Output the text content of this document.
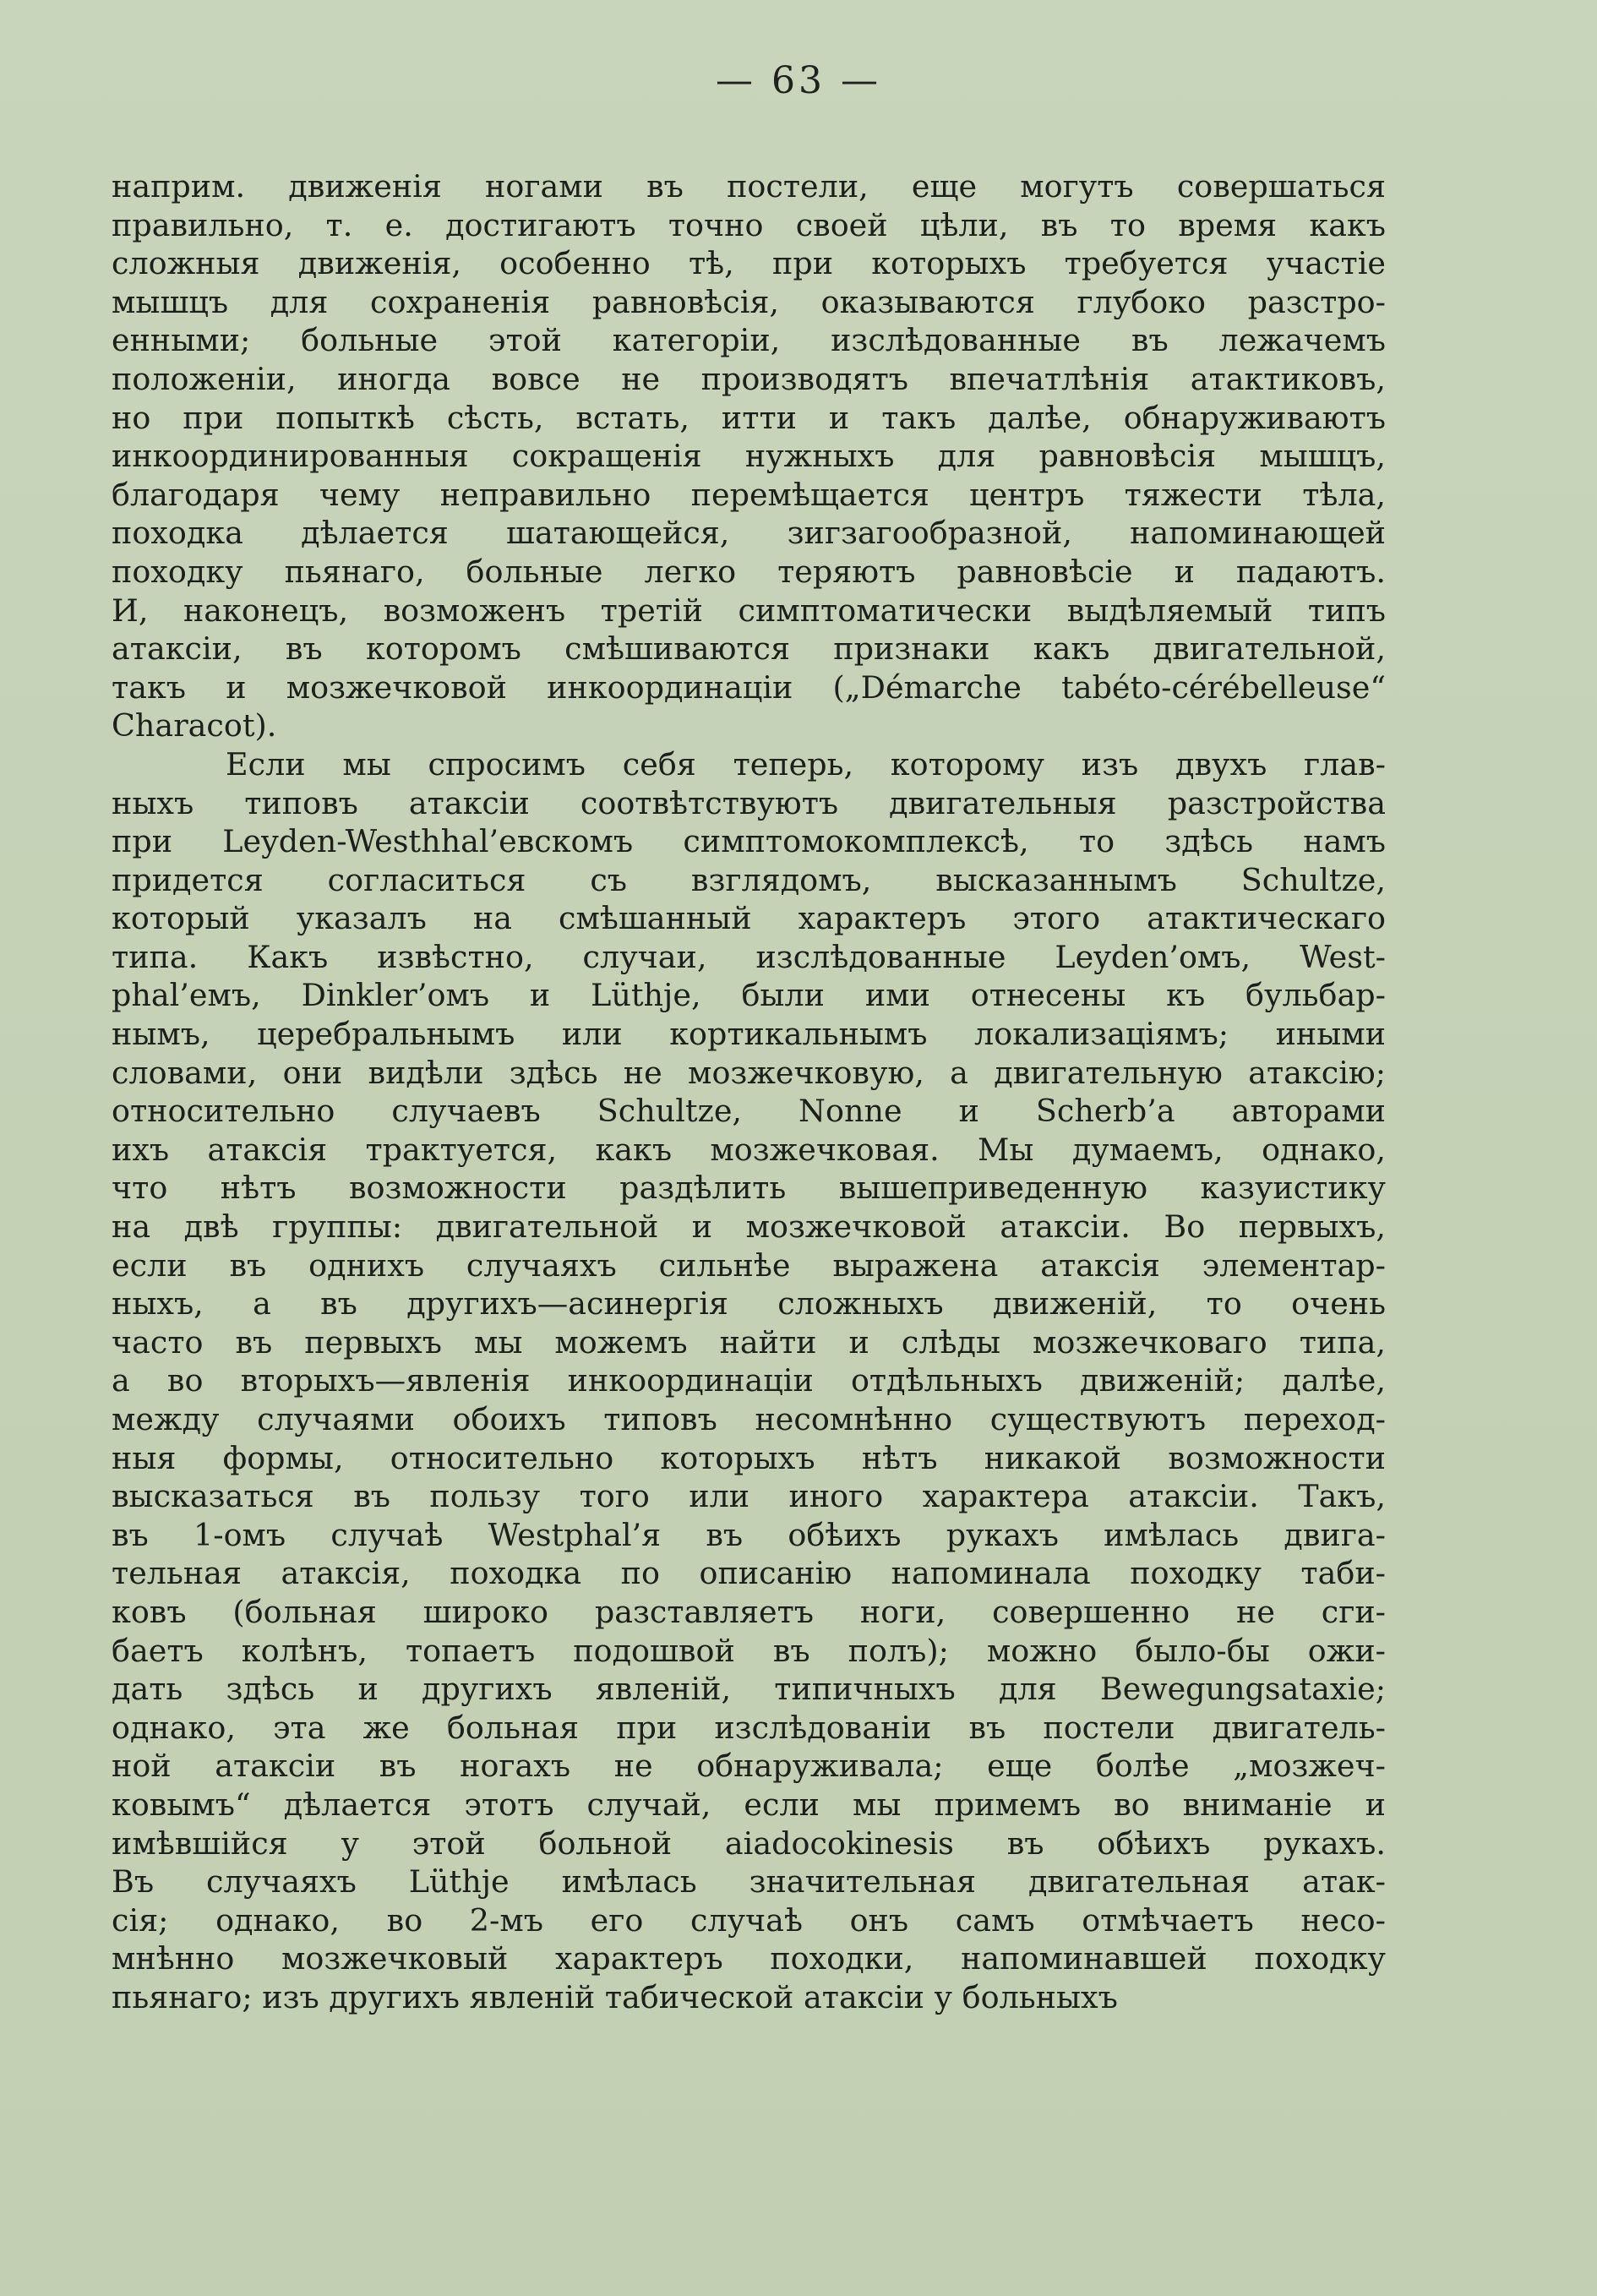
— 63 —

наприм. движенія ногами въ постели, еще могутъ совершаться
правильно, т. е. достигаютъ точно своей цѣли, въ то время какъ
сложныя движенія, особенно тѣ, при которыхъ требуется участіе
мышцъ для сохраненія равновѣсія, оказываются глубоко разстро-
енными; больные этой категоріи, изслѣдованные въ лежачемъ
положеніи, иногда вовсе не производятъ впечатлѣнія атактиковъ,
но при попыткѣ сѣсть, встать, итти и такъ далѣе, обнаруживаютъ
инкоординированныя сокращенія нужныхъ для равновѣсія мышцъ,
благодаря чему неправильно перемѣщается центръ тяжести тѣла,
походка дѣлается шатающейся, зигзагообразной, напоминающей
походку пьянаго, больные легко теряютъ равновѣсіе и падаютъ.
И, наконецъ, возможенъ третій симптоматически выдѣляемый типъ
атаксіи, въ которомъ смѣшиваются признаки какъ двигательной,
такъ и мозжечковой инкоординаціи („Démarche tabéto-cérébelleuse“
Characot).
Если мы спросимъ себя теперь, которому изъ двухъ глав-
ныхъ типовъ атаксіи соотвѣтствуютъ двигательныя разстройства
при Leyden-Westhhal’евскомъ симптомокомплексѣ, то здѣсь намъ
придется согласиться съ взглядомъ, высказаннымъ Schultze,
который указалъ на смѣшанный характеръ этого атактическаго
типа. Какъ извѣстно, случаи, изслѣдованные Leyden’омъ, West-
phal’емъ, Dinkler’омъ и Lüthje, были ими отнесены къ бульбар-
нымъ, церебральнымъ или кортикальнымъ локализаціямъ; иными
словами, они видѣли здѣсь не мозжечковую, а двигательную атаксію;
относительно случаевъ Schultze, Nonne и Scherb’a авторами
ихъ атаксія трактуется, какъ мозжечковая. Мы думаемъ, однако,
что нѣтъ возможности раздѣлить вышеприведенную казуистику
на двѣ группы: двигательной и мозжечковой атаксіи. Во первыхъ,
если въ однихъ случаяхъ сильнѣе выражена атаксія элементар-
ныхъ, а въ другихъ—асинергія сложныхъ движеній, то очень
часто въ первыхъ мы можемъ найти и слѣды мозжечковаго типа,
а во вторыхъ—явленія инкоординаціи отдѣльныхъ движеній; далѣе,
между случаями обоихъ типовъ несомнѣнно существуютъ переход-
ныя формы, относительно которыхъ нѣтъ никакой возможности
высказаться въ пользу того или иного характера атаксіи. Такъ,
въ 1-омъ случаѣ Westphal’я въ обѣихъ рукахъ имѣлась двига-
тельная атаксія, походка по описанію напоминала походку таби-
ковъ (больная широко разставляетъ ноги, совершенно не сги-
баетъ колѣнъ, топаетъ подошвой въ полъ); можно было-бы ожи-
дать здѣсь и другихъ явленій, типичныхъ для Bewegungsataxie;
однако, эта же больная при изслѣдованіи въ постели двигатель-
ной атаксіи въ ногахъ не обнаруживала; еще болѣе „мозжеч-
ковымъ“ дѣлается этотъ случай, если мы примемъ во вниманіе и
имѣвшійся у этой больной aiadocokinesis въ обѣихъ рукахъ.
Въ случаяхъ Lüthje имѣлась значительная двигательная атак-
сія; однако, во 2-мъ его случаѣ онъ самъ отмѣчаетъ несо-
мнѣнно мозжечковый характеръ походки, напоминавшей походку
пьянаго; изъ другихъ явленій табической атаксіи у больныхъ
